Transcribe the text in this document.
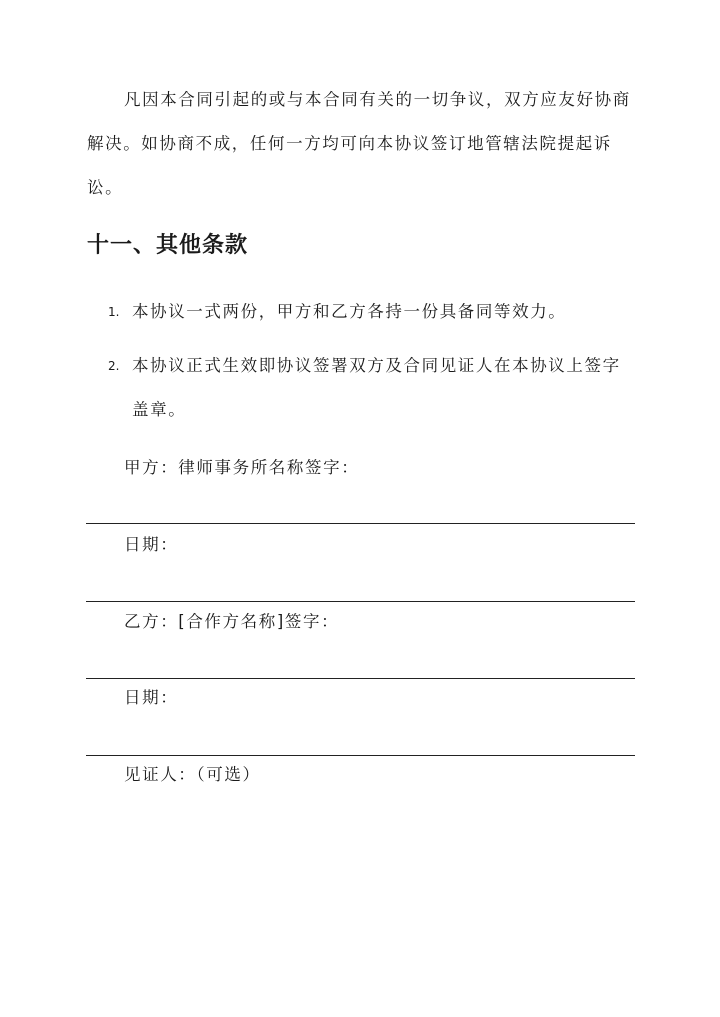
凡因本合同引起的或与本合同有关的一切争议，双方应友好协商解决。如协商不成，任何一方均可向本协议签订地管辖法院提起诉讼。

十一、其他条款
1. 本协议一式两份，甲方和乙方各持一份具备同等效力。
2. 本协议正式生效即协议签署双方及合同见证人在本协议上签字盖章。

甲方：律师事务所名称签字：

日期：

乙方：[合作方名称]签字：

日期：

见证人：（可选）
